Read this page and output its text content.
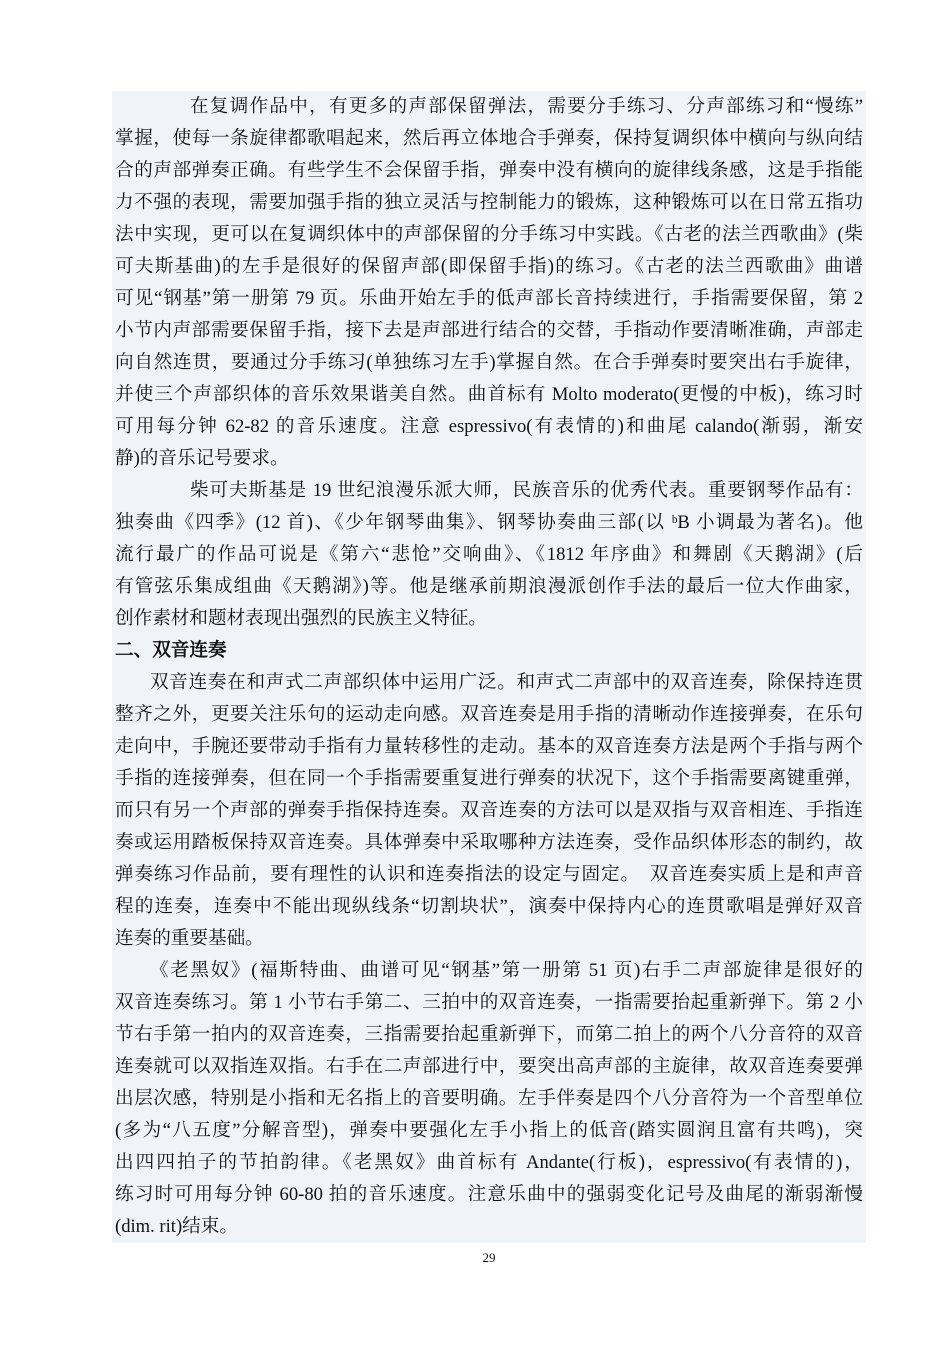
在复调作品中，有更多的声部保留弹法，需要分手练习、分声部练习和“慢练”
掌握，使每一条旋律都歌唱起来，然后再立体地合手弹奏，保持复调织体中横向与纵向结
合的声部弹奏正确。有些学生不会保留手指，弹奏中没有横向的旋律线条感，这是手指能
力不强的表现，需要加强手指的独立灵活与控制能力的锻炼，这种锻炼可以在日常五指功
法中实现，更可以在复调织体中的声部保留的分手练习中实践。《古老的法兰西歌曲》(柴
可夫斯基曲)的左手是很好的保留声部(即保留手指)的练习。《古老的法兰西歌曲》曲谱
可见“钢基”第一册第 79 页。乐曲开始左手的低声部长音持续进行，手指需要保留，第 2
小节内声部需要保留手指，接下去是声部进行结合的交替，手指动作要清晰准确，声部走
向自然连贯，要通过分手练习(单独练习左手)掌握自然。在合手弹奏时要突出右手旋律，
并使三个声部织体的音乐效果谐美自然。曲首标有 Molto moderato(更慢的中板)，练习时
可用每分钟 62-82 的音乐速度。注意 espressivo(有表情的)和曲尾 calando(渐弱，渐安
静)的音乐记号要求。
柴可夫斯基是 19 世纪浪漫乐派大师，民族音乐的优秀代表。重要钢琴作品有：
独奏曲《四季》(12 首)、《少年钢琴曲集》、钢琴协奏曲三部(以 ᵇB 小调最为著名)。他
流行最广的作品可说是《第六“悲怆”交响曲》、《1812 年序曲》和舞剧《天鹅湖》(后
有管弦乐集成组曲《天鹅湖》)等。他是继承前期浪漫派创作手法的最后一位大作曲家，
创作素材和题材表现出强烈的民族主义特征。
二、双音连奏
双音连奏在和声式二声部织体中运用广泛。和声式二声部中的双音连奏，除保持连贯
整齐之外，更要关注乐句的运动走向感。双音连奏是用手指的清晰动作连接弹奏，在乐句
走向中，手腕还要带动手指有力量转移性的走动。基本的双音连奏方法是两个手指与两个
手指的连接弹奏，但在同一个手指需要重复进行弹奏的状况下，这个手指需要离键重弹，
而只有另一个声部的弹奏手指保持连奏。双音连奏的方法可以是双指与双音相连、手指连
奏或运用踏板保持双音连奏。具体弹奏中采取哪种方法连奏，受作品织体形态的制约，故
弹奏练习作品前，要有理性的认识和连奏指法的设定与固定。　双音连奏实质上是和声音
程的连奏，连奏中不能出现纵线条“切割块状”，演奏中保持内心的连贯歌唱是弹好双音
连奏的重要基础。
《老黑奴》(福斯特曲、曲谱可见“钢基”第一册第 51 页)右手二声部旋律是很好的
双音连奏练习。第 1 小节右手第二、三拍中的双音连奏，一指需要抬起重新弹下。第 2 小
节右手第一拍内的双音连奏，三指需要抬起重新弹下，而第二拍上的两个八分音符的双音
连奏就可以双指连双指。右手在二声部进行中，要突出高声部的主旋律，故双音连奏要弹
出层次感，特别是小指和无名指上的音要明确。左手伴奏是四个八分音符为一个音型单位
(多为“八五度”分解音型)，弹奏中要强化左手小指上的低音(踏实圆润且富有共鸣)，突
出四四拍子的节拍韵律。《老黑奴》曲首标有 Andante(行板)，espressivo(有表情的)，
练习时可用每分钟 60-80 拍的音乐速度。注意乐曲中的强弱变化记号及曲尾的渐弱渐慢
(dim. rit)结束。
29
